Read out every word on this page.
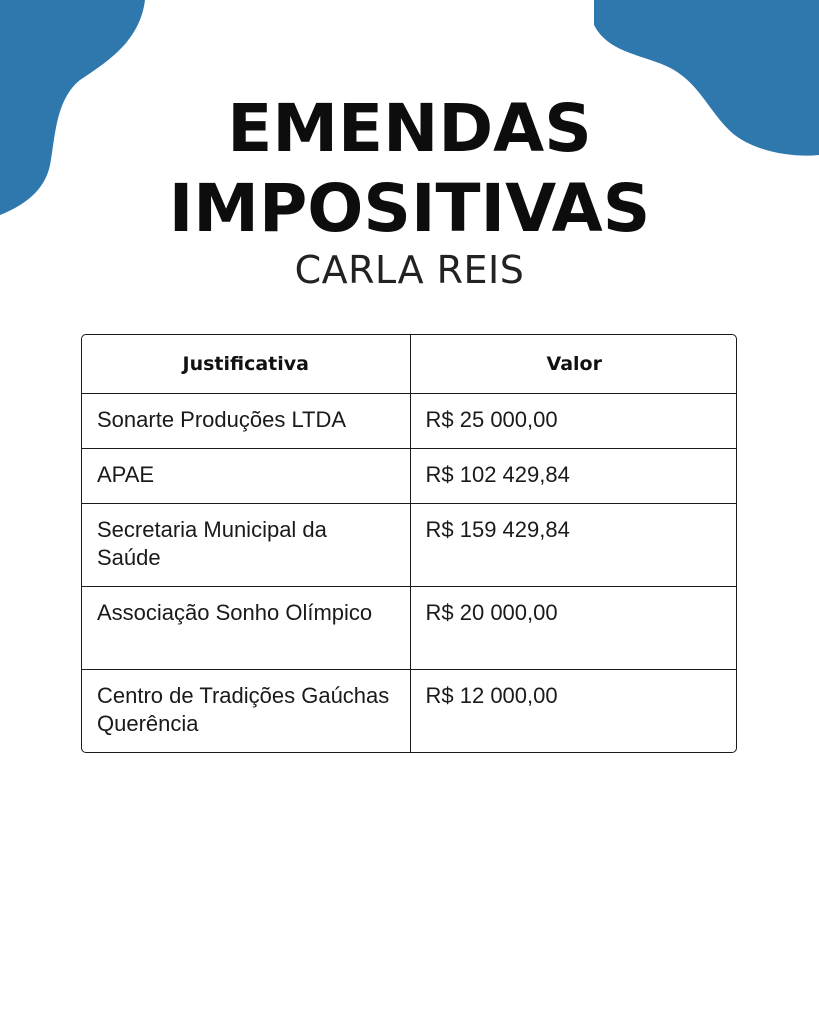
EMENDAS
IMPOSITIVAS
CARLA REIS
Justificativa	Valor
Sonarte Produções LTDA	R$ 25 000,00
APAE	R$ 102 429,84
Secretaria Municipal da Saúde	R$ 159 429,84
Associação Sonho Olímpico	R$ 20 000,00
Centro de Tradições Gaúchas Querência	R$ 12 000,00
